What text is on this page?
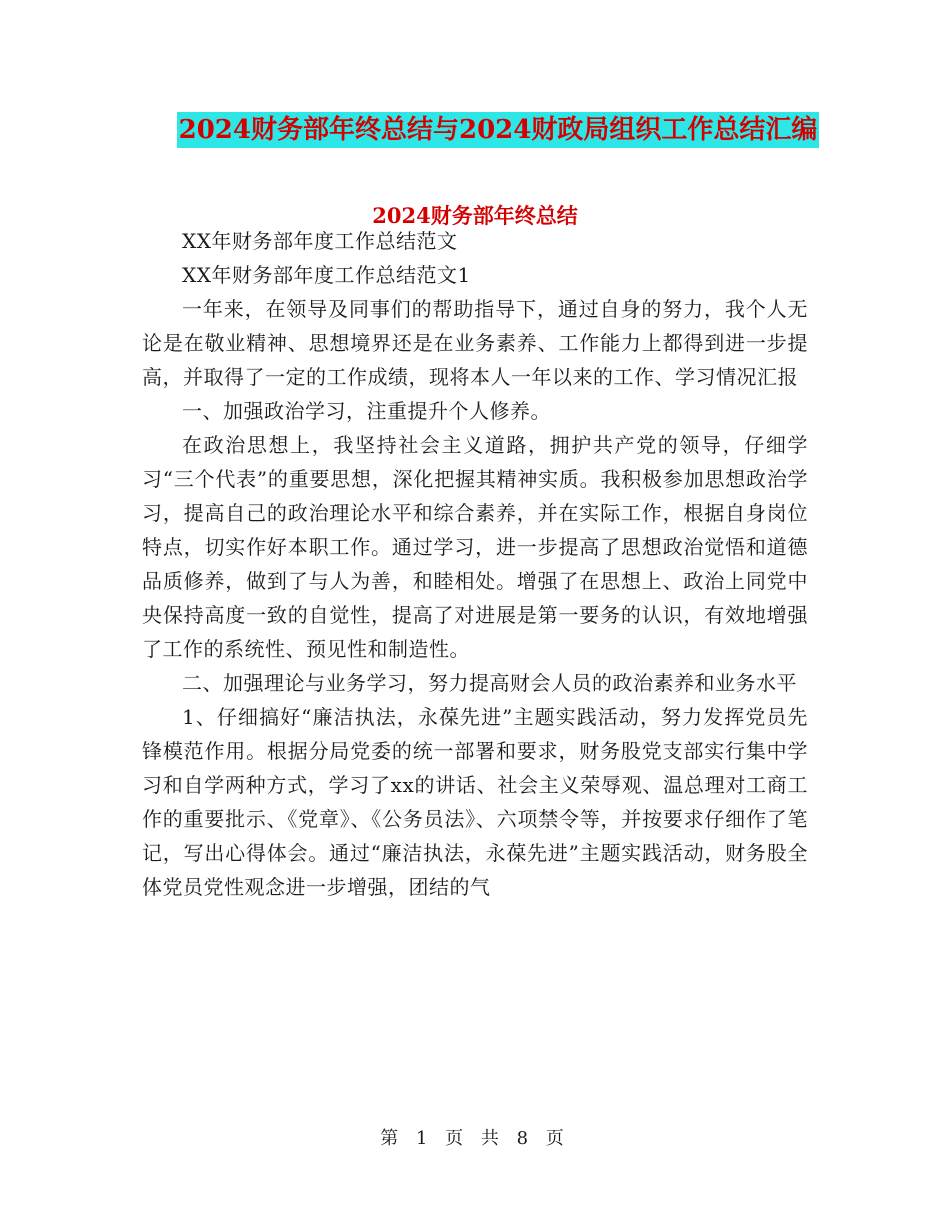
2024财务部年终总结与2024财政局组织工作总结汇编
2024财务部年终总结

XX年财务部年度工作总结范文

XX年财务部年度工作总结范文1

一年来，在领导及同事们的帮助指导下，通过自身的努力，我个人无论是在敬业精神、思想境界还是在业务素养、工作能力上都得到进一步提高，并取得了一定的工作成绩，现将本人一年以来的工作、学习情况汇报

一、加强政治学习，注重提升个人修养。

在政治思想上，我坚持社会主义道路，拥护共产党的领导，仔细学习“三个代表”的重要思想，深化把握其精神实质。我积极参加思想政治学习，提高自己的政治理论水平和综合素养，并在实际工作，根据自身岗位特点，切实作好本职工作。通过学习，进一步提高了思想政治觉悟和道德品质修养，做到了与人为善，和睦相处。增强了在思想上、政治上同党中央保持高度一致的自觉性，提高了对进展是第一要务的认识，有效地增强了工作的系统性、预见性和制造性。

二、加强理论与业务学习，努力提高财会人员的政治素养和业务水平

1、仔细搞好“廉洁执法，永葆先进”主题实践活动，努力发挥党员先锋模范作用。根据分局党委的统一部署和要求，财务股党支部实行集中学习和自学两种方式，学习了xx的讲话、社会主义荣辱观、温总理对工商工作的重要批示、《党章》、《公务员法》、六项禁令等，并按要求仔细作了笔记，写出心得体会。通过“廉洁执法，永葆先进”主题实践活动，财务股全体党员党性观念进一步增强，团结的气

第 1 页 共 8 页
